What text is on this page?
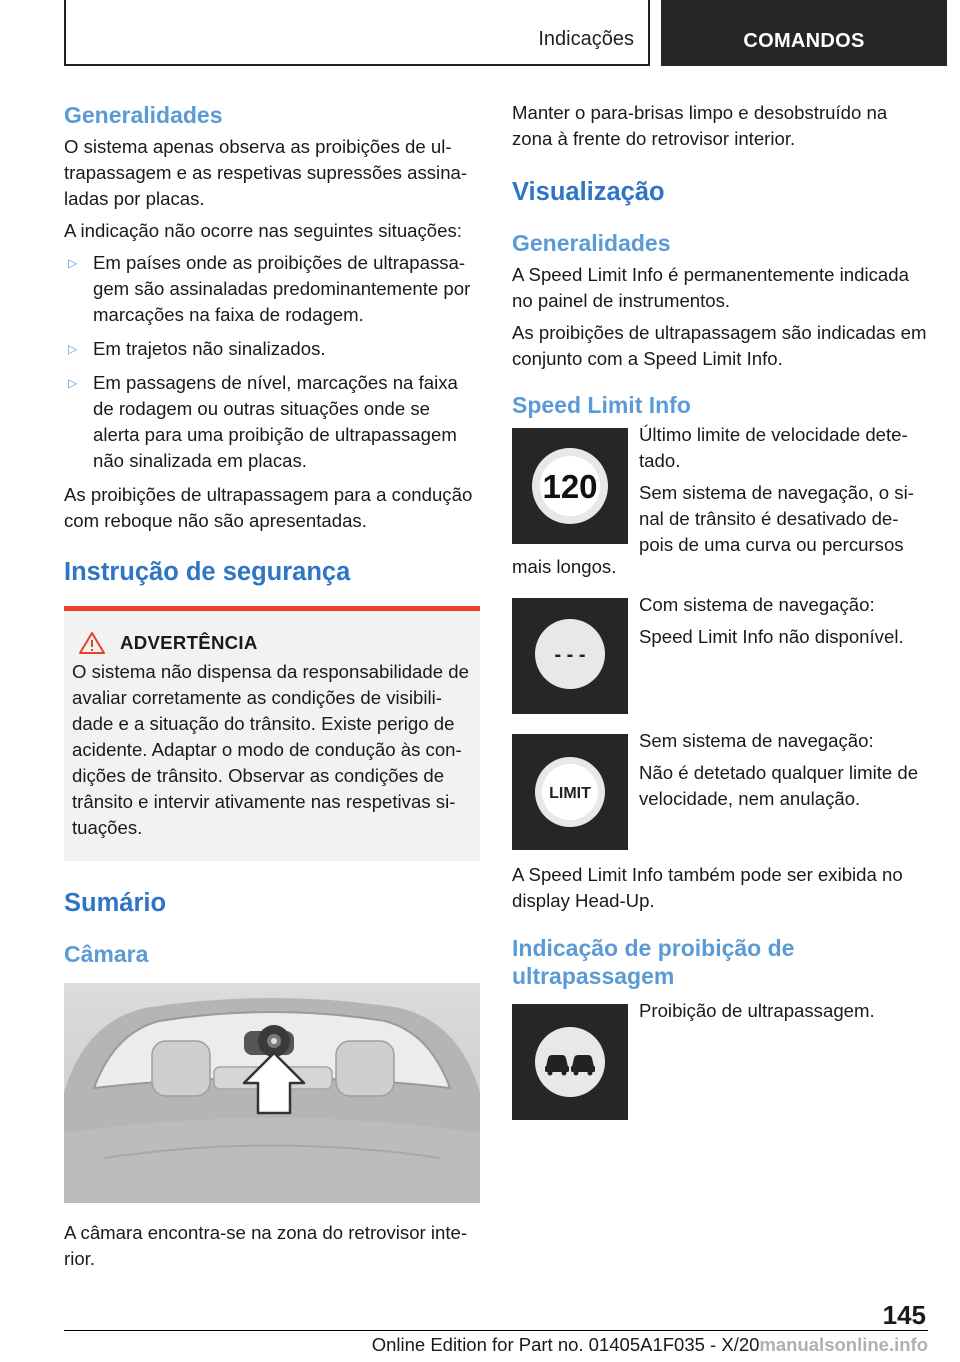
Indicações	COMANDOS
Generalidades

O sistema apenas observa as proibições de ul-trapassagem e as respetivas supressões assina-ladas por placas.

A indicação não ocorre nas seguintes situações:

▷ Em países onde as proibições de ultrapassa-gem são assinaladas predominantemente por marcações na faixa de rodagem.
▷ Em trajetos não sinalizados.
▷ Em passagens de nível, marcações na faixa de rodagem ou outras situações onde se alerta para uma proibição de ultrapassagem não sinalizada em placas.

As proibições de ultrapassagem para a condução com reboque não são apresentadas.

Instrução de segurança
ADVERTÊNCIA

O sistema não dispensa da responsabilidade de avaliar corretamente as condições de visibili-dade e a situação do trânsito. Existe perigo de acidente. Adaptar o modo de condução às con-dições de trânsito. Observar as condições de trânsito e intervir ativamente nas respetivas si-tuações.

Sumário
Câmara

A câmara encontra-se na zona do retrovisor inte-rior.

Manter o para-brisas limpo e desobstruído na zona à frente do retrovisor interior.

Visualização
Generalidades

A Speed Limit Info é permanentemente indicada no painel de instrumentos.

As proibições de ultrapassagem são indicadas em conjunto com a Speed Limit Info.

Speed Limit Info
120

Último limite de velocidade dete-tado.

Sem sistema de navegação, o si-nal de trânsito é desativado de-pois de uma curva ou percursos

mais longos.

- - -

Com sistema de navegação:

Speed Limit Info não disponível.

LIMIT

Sem sistema de navegação:

Não é detetado qualquer limite de velocidade, nem anulação.

A Speed Limit Info também pode ser exibida no display Head-Up.

Indicação de proibição de ultrapassagem

Proibição de ultrapassagem.

145
Online Edition for Part no. 01405A1F035 - X/20manualsonline.info
